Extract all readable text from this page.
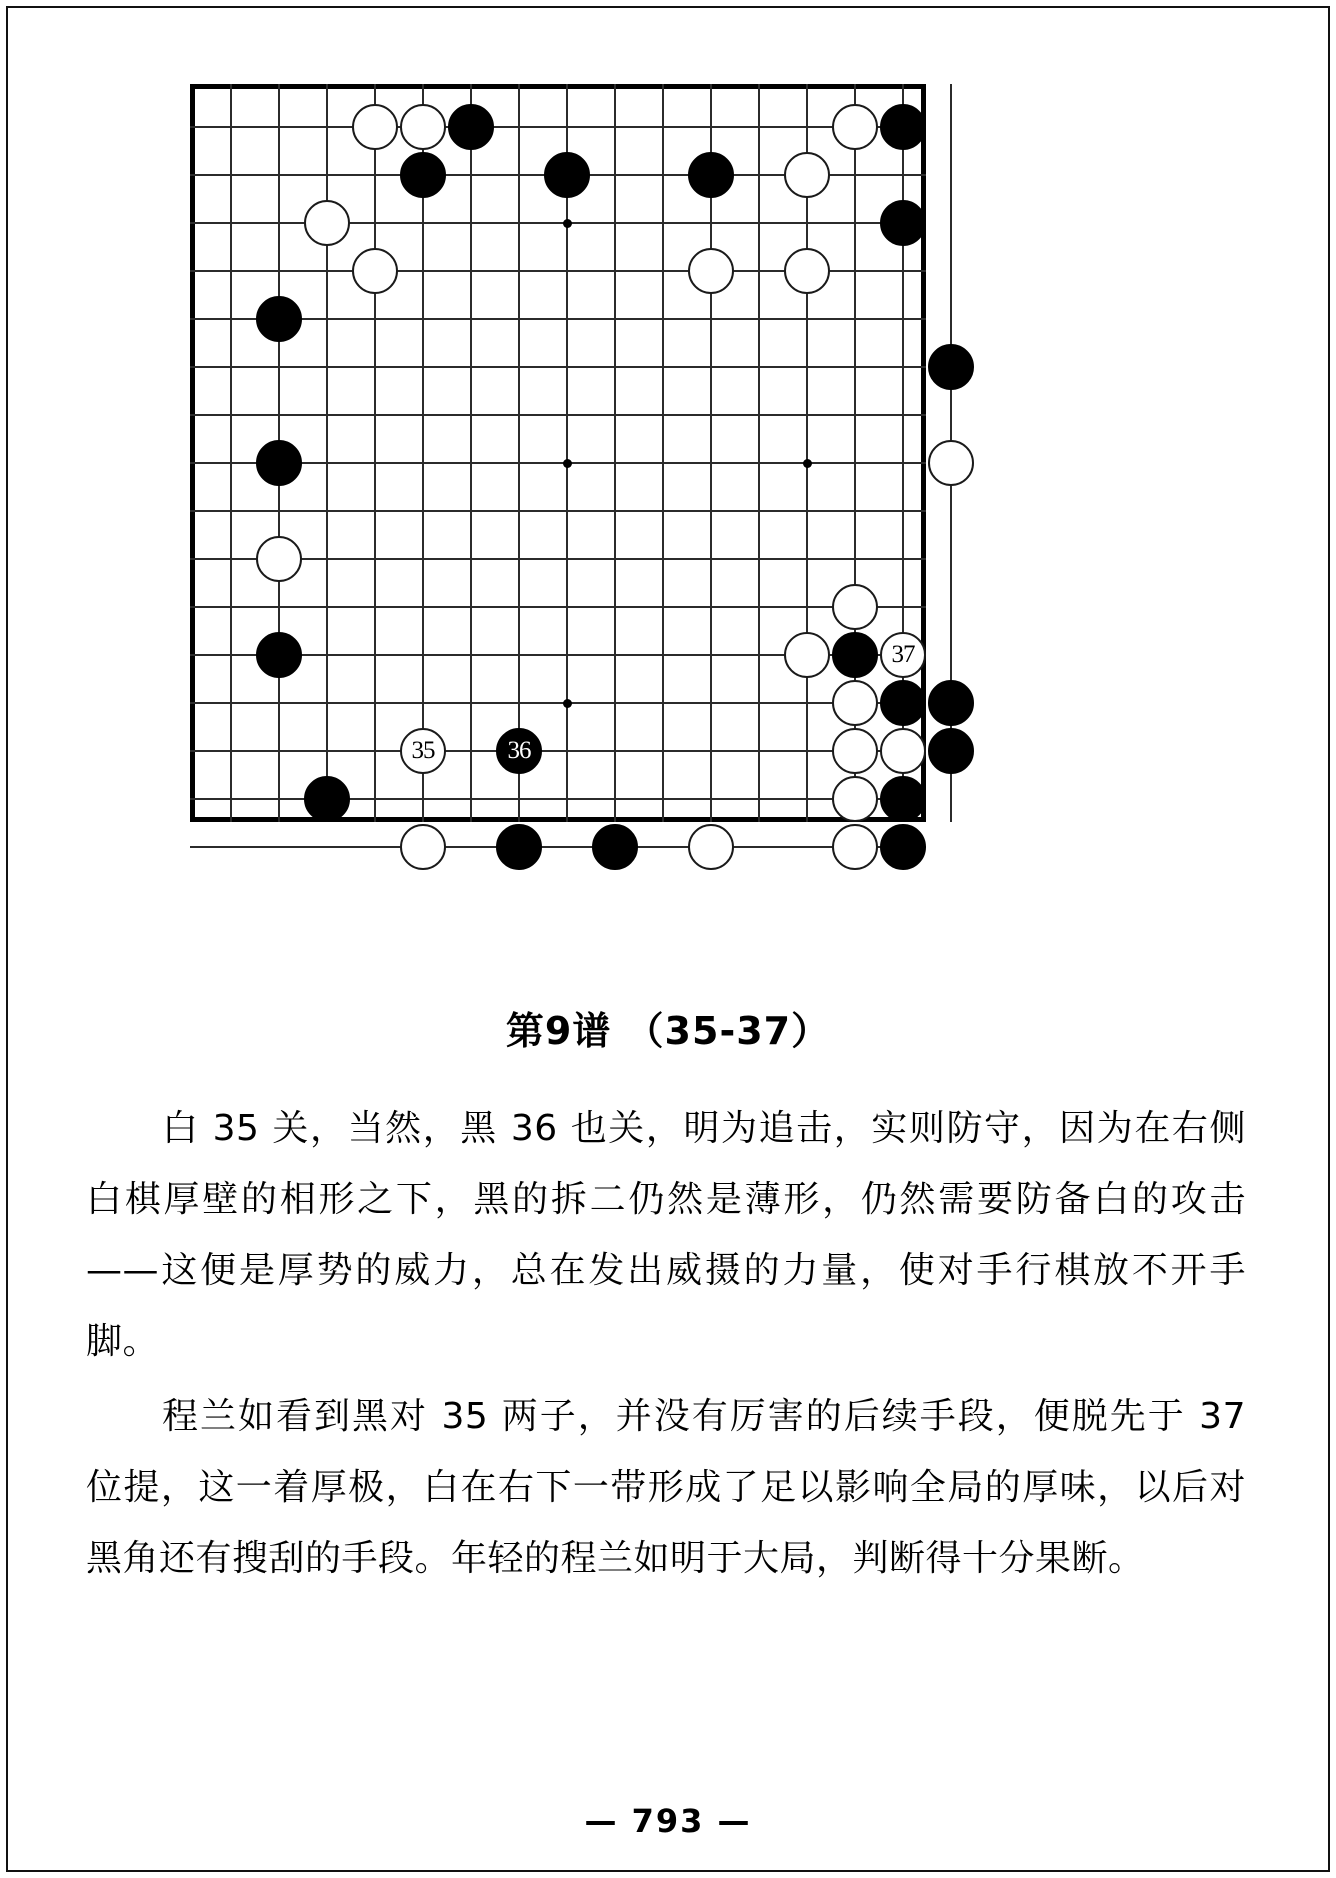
37
35	36
第9谱 （35-37）

白 35 关，当然，黑 36 也关，明为追击，实则防守，因为在右侧白棋厚壁的相形之下，黑的拆二仍然是薄形，仍然需要防备白的攻击——这便是厚势的威力，总在发出威摄的力量，使对手行棋放不开手脚。

程兰如看到黑对 35 两子，并没有厉害的后续手段，便脱先于 37 位提，这一着厚极，白在右下一带形成了足以影响全局的厚味，以后对黑角还有搜刮的手段。年轻的程兰如明于大局，判断得十分果断。

— 793 —
